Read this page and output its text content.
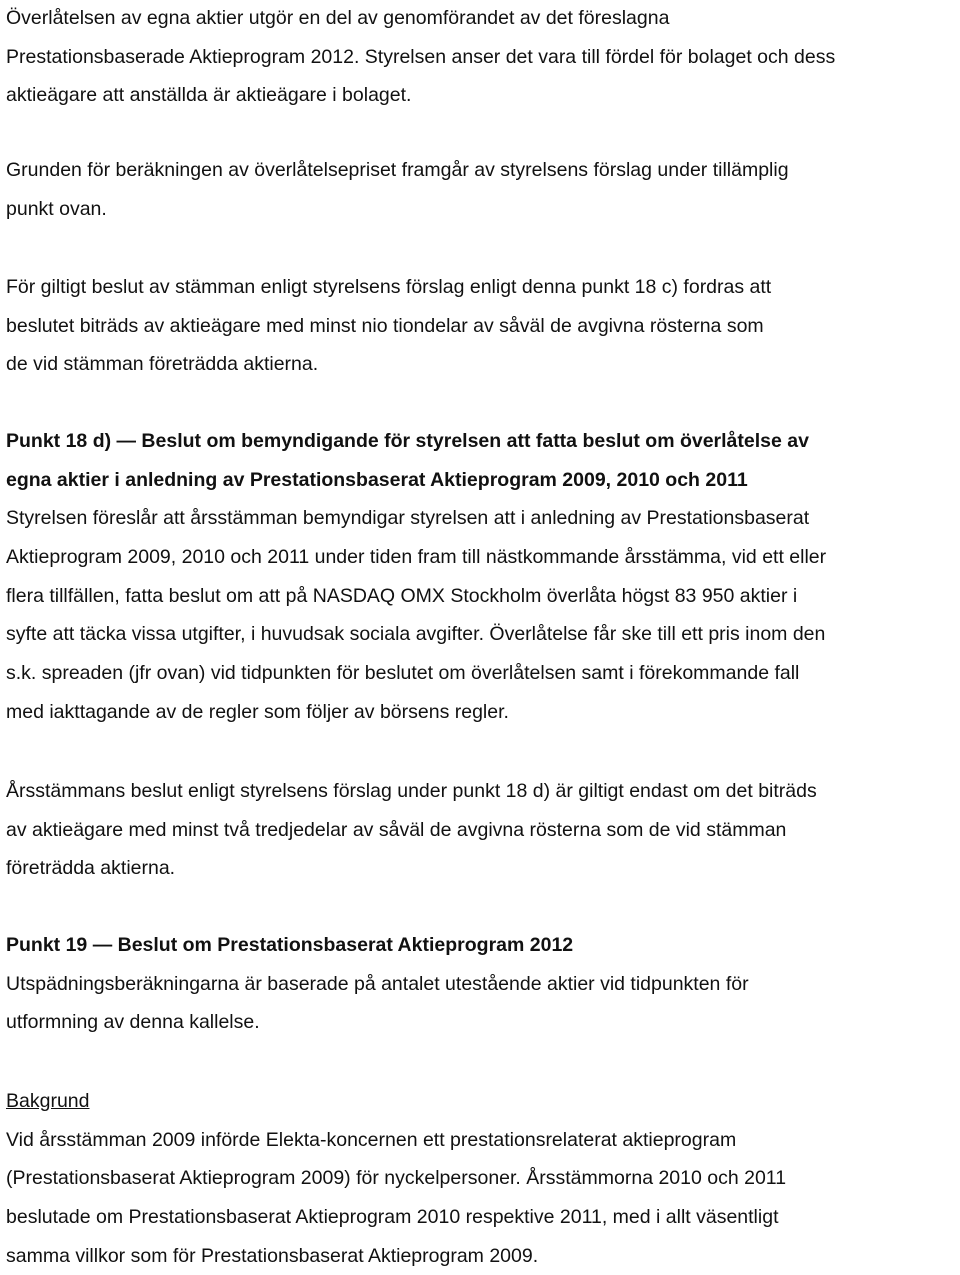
Överlåtelsen av egna aktier utgör en del av genomförandet av det föreslagna
Prestationsbaserade Aktieprogram 2012. Styrelsen anser det vara till fördel för bolaget och dess
aktieägare att anställda är aktieägare i bolaget.
Grunden för beräkningen av överlåtelsepriset framgår av styrelsens förslag under tillämplig
punkt ovan.
För giltigt beslut av stämman enligt styrelsens förslag enligt denna punkt 18 c) fordras att
beslutet biträds av aktieägare med minst nio tiondelar av såväl de avgivna rösterna som
de vid stämman företrädda aktierna.
Punkt 18 d) — Beslut om bemyndigande för styrelsen att fatta beslut om överlåtelse av
egna aktier i anledning av Prestationsbaserat Aktieprogram 2009, 2010 och 2011
Styrelsen föreslår att årsstämman bemyndigar styrelsen att i anledning av Prestationsbaserat
Aktieprogram 2009, 2010 och 2011 under tiden fram till nästkommande årsstämma, vid ett eller
flera tillfällen, fatta beslut om att på NASDAQ OMX Stockholm överlåta högst 83 950 aktier i
syfte att täcka vissa utgifter, i huvudsak sociala avgifter. Överlåtelse får ske till ett pris inom den
s.k. spreaden (jfr ovan) vid tidpunkten för beslutet om överlåtelsen samt i förekommande fall
med iakttagande av de regler som följer av börsens regler.
Årsstämmans beslut enligt styrelsens förslag under punkt 18 d) är giltigt endast om det biträds
av aktieägare med minst två tredjedelar av såväl de avgivna rösterna som de vid stämman
företrädda aktierna.
Punkt 19 — Beslut om Prestationsbaserat Aktieprogram 2012
Utspädningsberäkningarna är baserade på antalet utestående aktier vid tidpunkten för
utformning av denna kallelse.
Bakgrund
Vid årsstämman 2009 införde Elekta-koncernen ett prestationsrelaterat aktieprogram
(Prestationsbaserat Aktieprogram 2009) för nyckelpersoner. Årsstämmorna 2010 och 2011
beslutade om Prestationsbaserat Aktieprogram 2010 respektive 2011, med i allt väsentligt
samma villkor som för Prestationsbaserat Aktieprogram 2009.
